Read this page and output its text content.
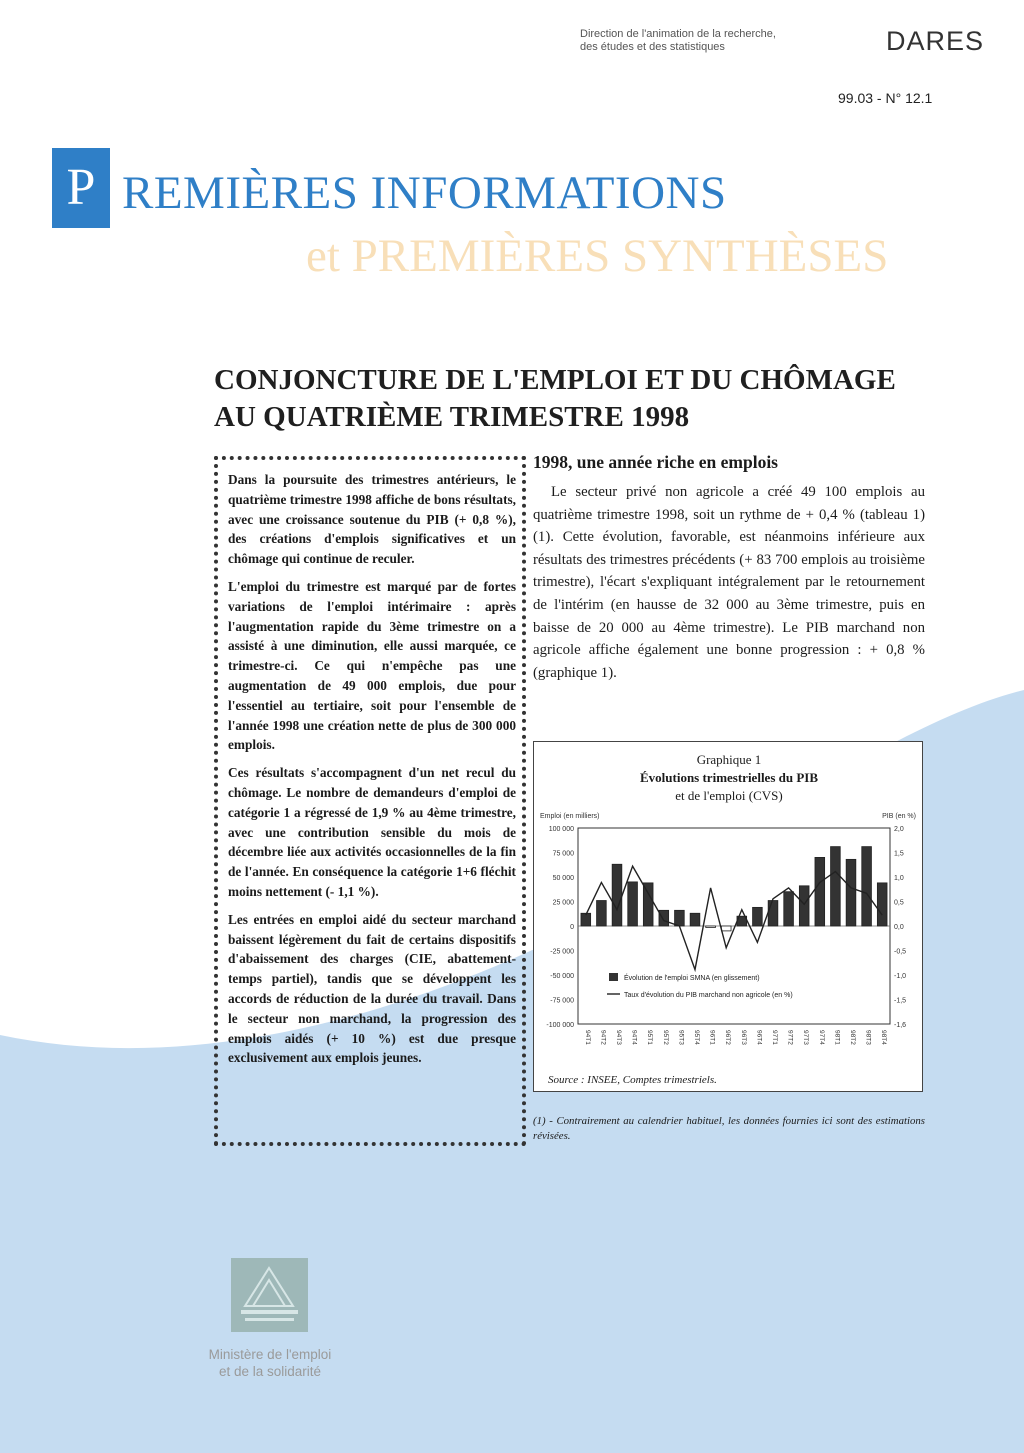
Direction de l'animation de la recherche,
des études et des statistiques	DARES
99.03 - N° 12.1
P REMIÈRES INFORMATIONS
et PREMIÈRES SYNTHÈSES
CONJONCTURE DE L'EMPLOI ET DU CHÔMAGE
AU QUATRIÈME TRIMESTRE 1998

Dans la poursuite des trimestres antérieurs, le quatrième trimestre 1998 affiche de bons résultats, avec une croissance soutenue du PIB (+ 0,8 %), des créations d'emplois significatives et un chômage qui continue de reculer.

L'emploi du trimestre est marqué par de fortes variations de l'emploi intérimaire : après l'augmentation rapide du 3ème trimestre on a assisté à une diminution, elle aussi marquée, ce trimestre-ci. Ce qui n'empêche pas une augmentation de 49 000 emplois, due pour l'essentiel au tertiaire, soit pour l'ensemble de l'année 1998 une création nette de plus de 300 000 emplois.

Ces résultats s'accompagnent d'un net recul du chômage. Le nombre de demandeurs d'emploi de catégorie 1 a régressé de 1,9 % au 4ème trimestre, avec une contribution sensible du mois de décembre liée aux activités occasionnelles de la fin de l'année. En conséquence la catégorie 1+6 fléchit moins nettement (- 1,1 %).

Les entrées en emploi aidé du secteur marchand baissent légèrement du fait de certains dispositifs d'abaissement des charges (CIE, abattement-temps partiel), tandis que se développent les accords de réduction de la durée du travail. Dans le secteur non marchand, la progression des emplois aidés (+ 10 %) est due presque exclusivement aux emplois jeunes.

1998, une année riche en emplois

Le secteur privé non agricole a créé 49 100 emplois au quatrième trimestre 1998, soit un rythme de + 0,4 % (tableau 1) (1). Cette évolution, favorable, est néanmoins inférieure aux résultats des trimestres précédents (+ 83 700 emplois au troisième trimestre), l'écart s'expliquant intégralement par le retournement de l'intérim (en hausse de 32 000 au 3ème trimestre, puis en baisse de 20 000 au 4ème trimestre). Le PIB marchand non agricole affiche également une bonne progression : + 0,8 % (graphique 1).

Graphique 1
Évolutions trimestrielles du PIB
et de l'emploi (CVS)
Emploi (en milliers)	PIB (en %)
100 000
75 000
50 000
25 000
0
-25 000
-50 000
-75 000
-100 000
2,0
1,5
1,0
0,5
0,0
-0,5
-1,0
-1,5
-1,6
94T1 94T2 94T3 94T4 95T1 95T2 95T3 95T4 96T1 96T2 96T3 96T4 97T1 97T2 97T3 97T4 98T1 98T2 98T3 98T4
Évolution de l'emploi SMNA (en glissement)
Taux d'évolution du PIB marchand non agricole (en %)
Source : INSEE, Comptes trimestriels.
(1) - Contrairement au calendrier habituel, les données fournies ici sont des estimations révisées.
Ministère de l'emploi
et de la solidarité
